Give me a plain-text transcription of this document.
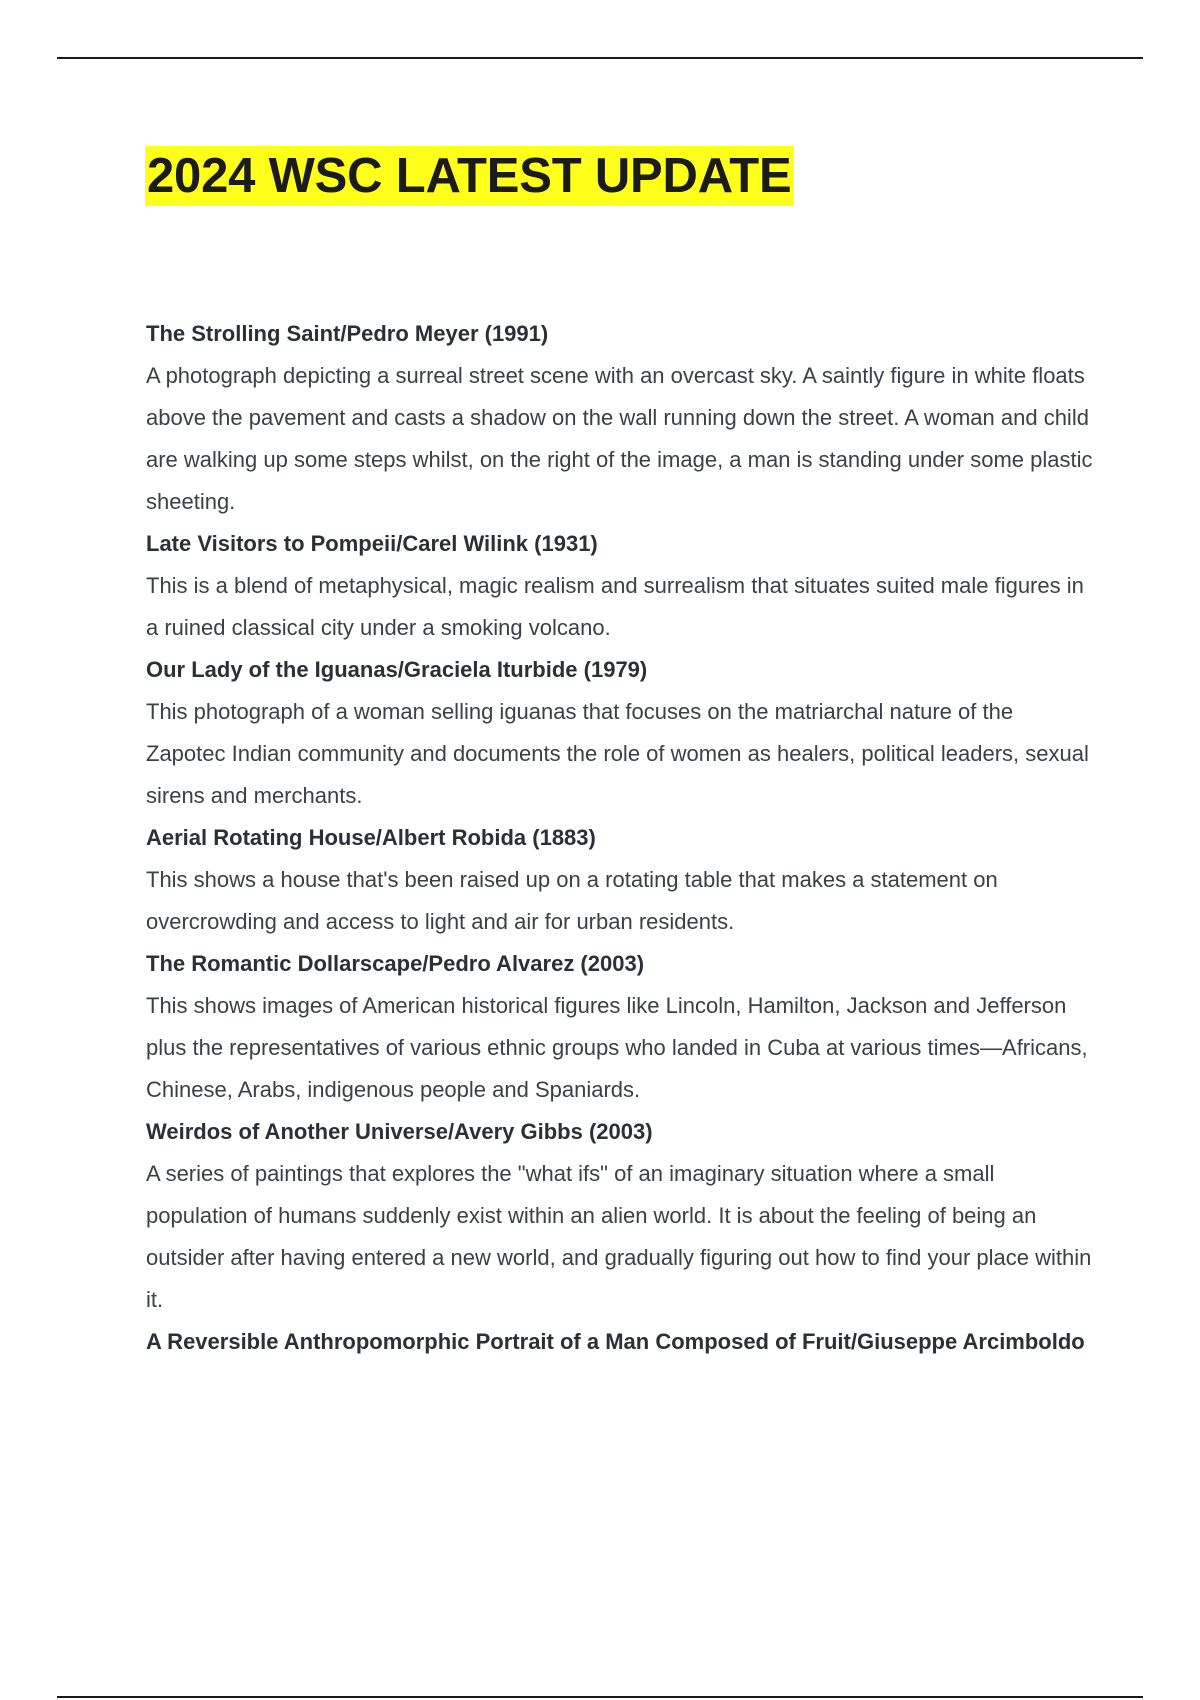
2024 WSC LATEST UPDATE

The Strolling Saint/Pedro Meyer (1991)

A photograph depicting a surreal street scene with an overcast sky. A saintly figure in white floats above the pavement and casts a shadow on the wall running down the street. A woman and child are walking up some steps whilst, on the right of the image, a man is standing under some plastic sheeting.

Late Visitors to Pompeii/Carel Wilink (1931)

This is a blend of metaphysical, magic realism and surrealism that situates suited male figures in a ruined classical city under a smoking volcano.

Our Lady of the Iguanas/Graciela Iturbide (1979)

This photograph of a woman selling iguanas that focuses on the matriarchal nature of the Zapotec Indian community and documents the role of women as healers, political leaders, sexual sirens and merchants.

Aerial Rotating House/Albert Robida (1883)

This shows a house that's been raised up on a rotating table that makes a statement on overcrowding and access to light and air for urban residents.

The Romantic Dollarscape/Pedro Alvarez (2003)

This shows images of American historical figures like Lincoln, Hamilton, Jackson and Jefferson plus the representatives of various ethnic groups who landed in Cuba at various times—Africans, Chinese, Arabs, indigenous people and Spaniards.

Weirdos of Another Universe/Avery Gibbs (2003)

A series of paintings that explores the "what ifs" of an imaginary situation where a small population of humans suddenly exist within an alien world. It is about the feeling of being an outsider after having entered a new world, and gradually figuring out how to find your place within it.

A Reversible Anthropomorphic Portrait of a Man Composed of Fruit/Giuseppe Arcimboldo
